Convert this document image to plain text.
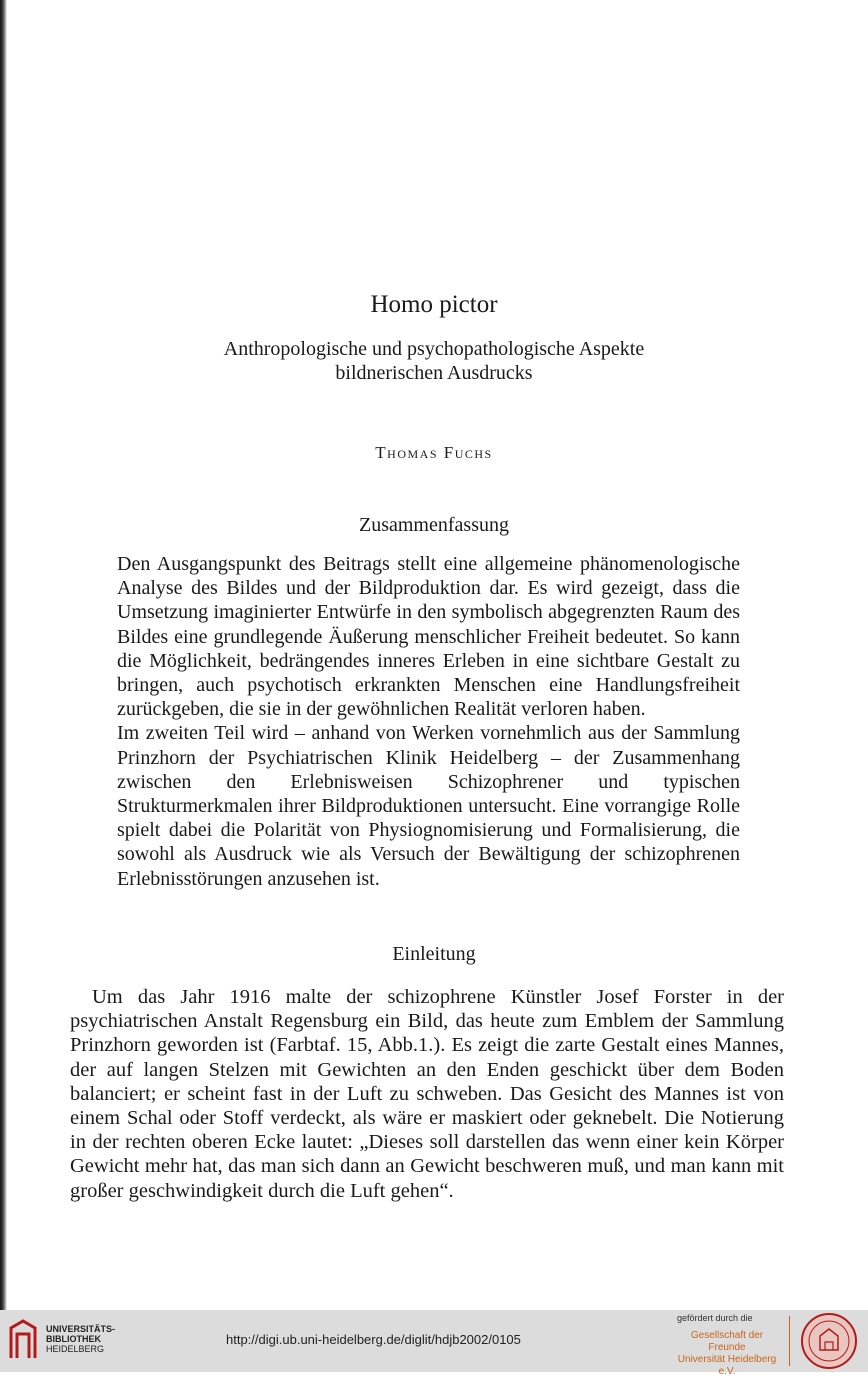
Homo pictor
Anthropologische und psychopathologische Aspekte
bildnerischen Ausdrucks
Thomas Fuchs
Zusammenfassung

Den Ausgangspunkt des Beitrags stellt eine allgemeine phänomenologische Analyse des Bildes und der Bildproduktion dar. Es wird gezeigt, dass die Umsetzung imaginierter Entwürfe in den symbolisch abgegrenzten Raum des Bildes eine grundlegende Äußerung menschlicher Freiheit bedeutet. So kann die Möglichkeit, bedrängendes inneres Erleben in eine sichtbare Gestalt zu bringen, auch psychotisch erkrankten Menschen eine Handlungsfreiheit zurückgeben, die sie in der gewöhnlichen Realität verloren haben.

Im zweiten Teil wird – anhand von Werken vornehmlich aus der Sammlung Prinzhorn der Psychiatrischen Klinik Heidelberg – der Zusammenhang zwischen den Erlebnisweisen Schizophrener und typischen Strukturmerkmalen ihrer Bildproduktionen untersucht. Eine vorrangige Rolle spielt dabei die Polarität von Physiognomisierung und Formalisierung, die sowohl als Ausdruck wie als Versuch der Bewältigung der schizophrenen Erlebnisstörungen anzusehen ist.

Einleitung

Um das Jahr 1916 malte der schizophrene Künstler Josef Forster in der psychiatrischen Anstalt Regensburg ein Bild, das heute zum Emblem der Sammlung Prinzhorn geworden ist (Farbtaf. 15, Abb.1.). Es zeigt die zarte Gestalt eines Mannes, der auf langen Stelzen mit Gewichten an den Enden geschickt über dem Boden balanciert; er scheint fast in der Luft zu schweben. Das Gesicht des Mannes ist von einem Schal oder Stoff verdeckt, als wäre er maskiert oder geknebelt. Die Notierung in der rechten oberen Ecke lautet: „Dieses soll darstellen das wenn einer kein Körper Gewicht mehr hat, das man sich dann an Gewicht beschweren muß, und man kann mit großer geschwindigkeit durch die Luft gehen“.

UNIVERSITÄTS-
BIBLIOTHEK
HEIDELBERG
http://digi.ub.uni-heidelberg.de/diglit/hdjb2002/0105
gefördert durch die
Gesellschaft der Freunde
Universität Heidelberg e.V.
